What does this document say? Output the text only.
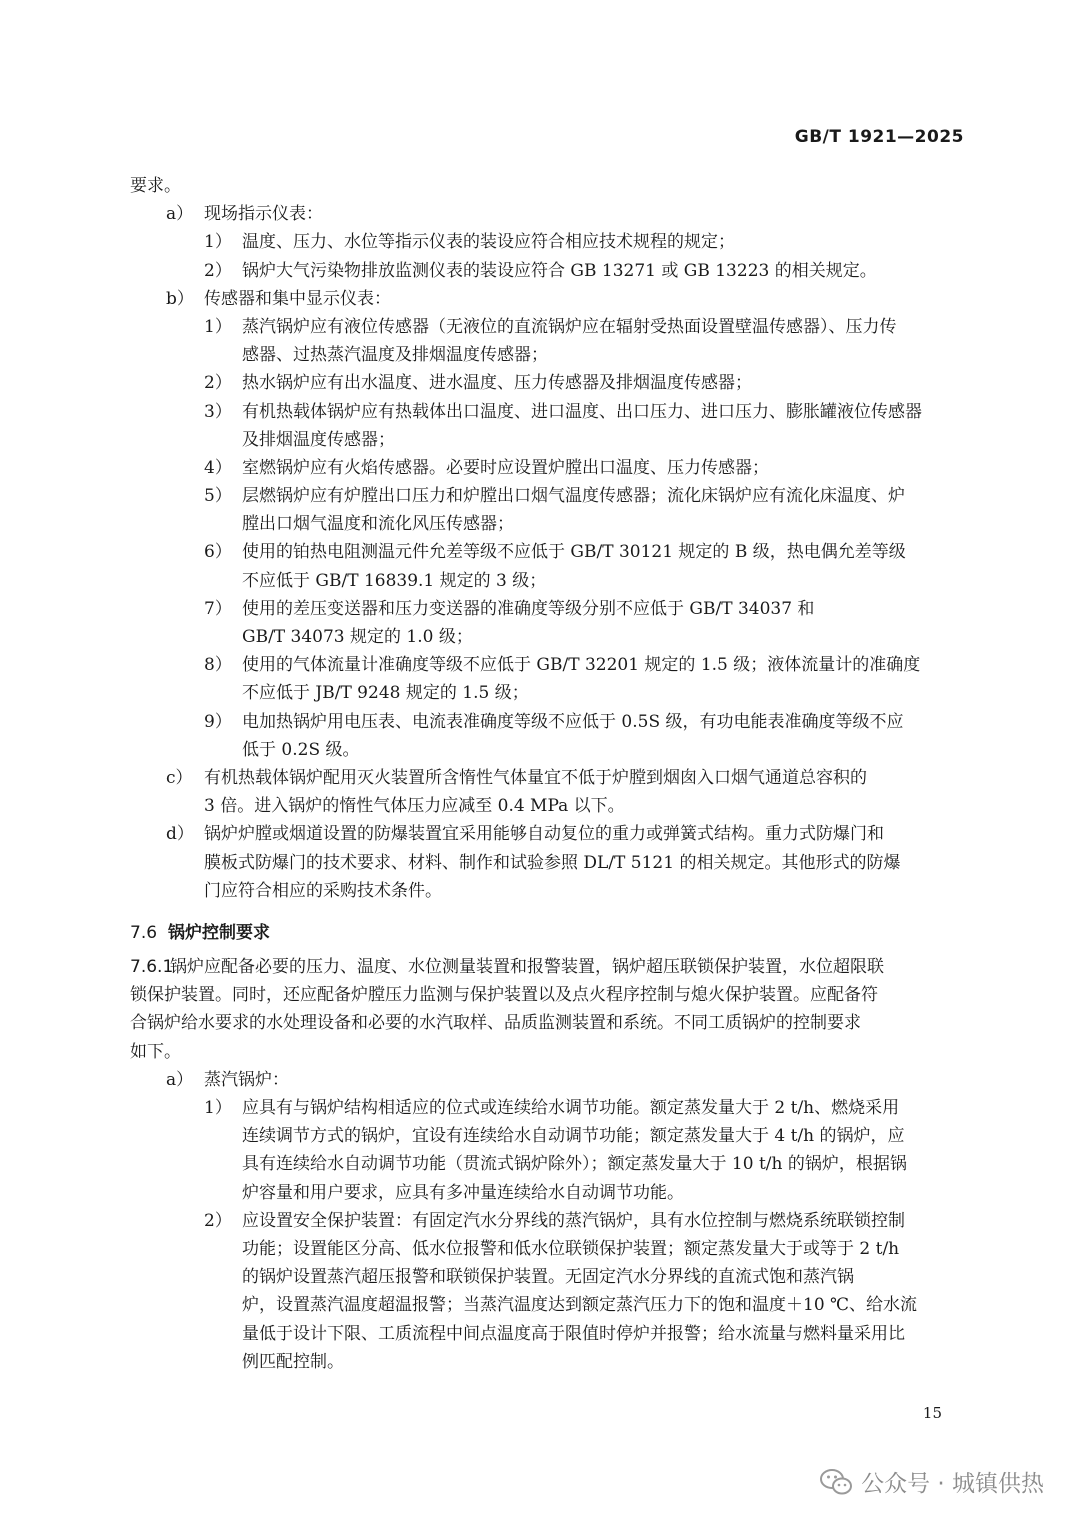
GB/T 1921—2025
要求。
a） 现场指示仪表：
1） 温度、压力、水位等指示仪表的装设应符合相应技术规程的规定；
2） 锅炉大气污染物排放监测仪表的装设应符合 GB 13271 或 GB 13223 的相关规定。
b） 传感器和集中显示仪表：
1） 蒸汽锅炉应有液位传感器（无液位的直流锅炉应在辐射受热面设置壁温传感器）、压力传
感器、过热蒸汽温度及排烟温度传感器；
2） 热水锅炉应有出水温度、进水温度、压力传感器及排烟温度传感器；
3） 有机热载体锅炉应有热载体出口温度、进口温度、出口压力、进口压力、膨胀罐液位传感器
及排烟温度传感器；
4） 室燃锅炉应有火焰传感器。必要时应设置炉膛出口温度、压力传感器；
5） 层燃锅炉应有炉膛出口压力和炉膛出口烟气温度传感器；流化床锅炉应有流化床温度、炉
膛出口烟气温度和流化风压传感器；
6） 使用的铂热电阻测温元件允差等级不应低于 GB/T 30121 规定的 B 级，热电偶允差等级
不应低于 GB/T 16839.1 规定的 3 级；
7） 使用的差压变送器和压力变送器的准确度等级分别不应低于 GB/T 34037 和
GB/T 34073 规定的 1.0 级；
8） 使用的气体流量计准确度等级不应低于 GB/T 32201 规定的 1.5 级；液体流量计的准确度
不应低于 JB/T 9248 规定的 1.5 级；
9） 电加热锅炉用电压表、电流表准确度等级不应低于 0.5S 级，有功电能表准确度等级不应
低于 0.2S 级。
c） 有机热载体锅炉配用灭火装置所含惰性气体量宜不低于炉膛到烟囱入口烟气通道总容积的
3 倍。进入锅炉的惰性气体压力应减至 0.4 MPa 以下。
d） 锅炉炉膛或烟道设置的防爆装置宜采用能够自动复位的重力或弹簧式结构。重力式防爆门和
膜板式防爆门的技术要求、材料、制作和试验参照 DL/T 5121 的相关规定。其他形式的防爆
门应符合相应的采购技术条件。
7.6 锅炉控制要求
7.6.1锅炉应配备必要的压力、温度、水位测量装置和报警装置，锅炉超压联锁保护装置，水位超限联
锁保护装置。同时，还应配备炉膛压力监测与保护装置以及点火程序控制与熄火保护装置。应配备符
合锅炉给水要求的水处理设备和必要的水汽取样、品质监测装置和系统。不同工质锅炉的控制要求
如下。
a） 蒸汽锅炉：
1） 应具有与锅炉结构相适应的位式或连续给水调节功能。额定蒸发量大于 2 t/h、燃烧采用
连续调节方式的锅炉，宜设有连续给水自动调节功能；额定蒸发量大于 4 t/h 的锅炉，应
具有连续给水自动调节功能（贯流式锅炉除外）；额定蒸发量大于 10 t/h 的锅炉，根据锅
炉容量和用户要求，应具有多冲量连续给水自动调节功能。
2） 应设置安全保护装置：有固定汽水分界线的蒸汽锅炉，具有水位控制与燃烧系统联锁控制
功能；设置能区分高、低水位报警和低水位联锁保护装置；额定蒸发量大于或等于 2 t/h
的锅炉设置蒸汽超压报警和联锁保护装置。无固定汽水分界线的直流式饱和蒸汽锅
炉，设置蒸汽温度超温报警；当蒸汽温度达到额定蒸汽压力下的饱和温度＋10 ℃、给水流
量低于设计下限、工质流程中间点温度高于限值时停炉并报警；给水流量与燃料量采用比
例匹配控制。
15
公众号 · 城镇供热
